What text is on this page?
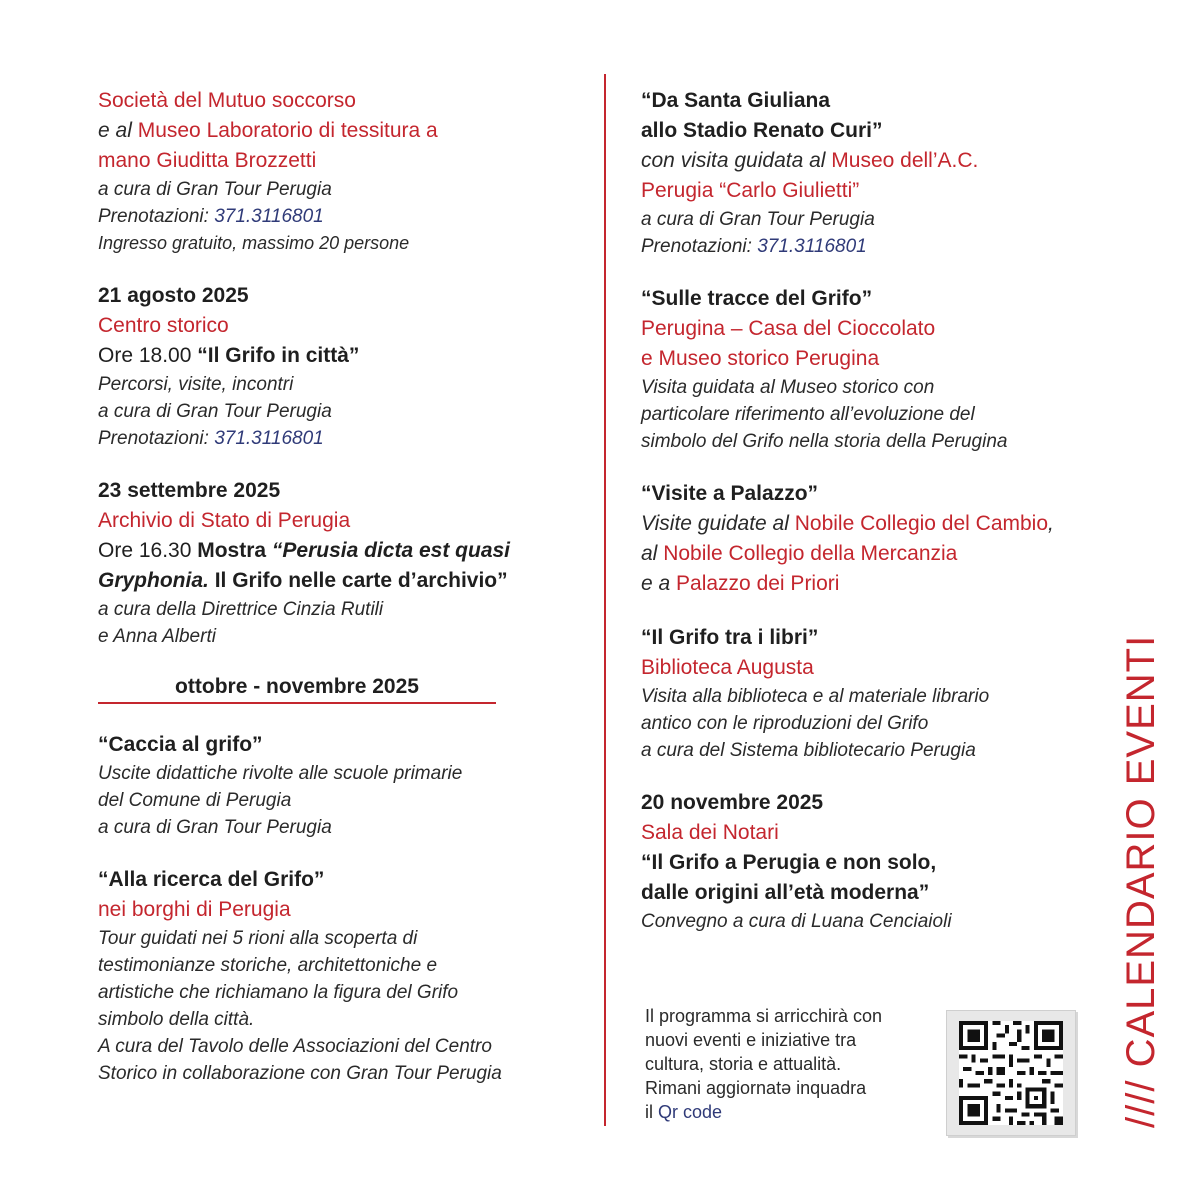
Società del Mutuo soccorso
e al Museo Laboratorio di tessitura a
mano Giuditta Brozzetti
a cura di Gran Tour Perugia
Prenotazioni: 371.3116801
Ingresso gratuito, massimo 20 persone
21 agosto 2025
Centro storico
Ore 18.00 “Il Grifo in città”
Percorsi, visite, incontri
a cura di Gran Tour Perugia
Prenotazioni: 371.3116801
23 settembre 2025
Archivio di Stato di Perugia
Ore 16.30 Mostra “Perusia dicta est quasi
Gryphonia. Il Grifo nelle carte d’archivio”
a cura della Direttrice Cinzia Rutili
e Anna Alberti
ottobre - novembre 2025
“Caccia al grifo”
Uscite didattiche rivolte alle scuole primarie
del Comune di Perugia
a cura di Gran Tour Perugia
“Alla ricerca del Grifo”
nei borghi di Perugia
Tour guidati nei 5 rioni alla scoperta di
testimonianze storiche, architettoniche e
artistiche che richiamano la figura del Grifo
simbolo della città.
A cura del Tavolo delle Associazioni del Centro
Storico in collaborazione con Gran Tour Perugia
“Da Santa Giuliana
allo Stadio Renato Curi”
con visita guidata al Museo dell’A.C.
Perugia “Carlo Giulietti”
a cura di Gran Tour Perugia
Prenotazioni: 371.3116801
“Sulle tracce del Grifo”
Perugina – Casa del Cioccolato
e Museo storico Perugina
Visita guidata al Museo storico con
particolare riferimento all’evoluzione del
simbolo del Grifo nella storia della Perugina
“Visite a Palazzo”
Visite guidate al Nobile Collegio del Cambio,
al Nobile Collegio della Mercanzia
e a Palazzo dei Priori
“Il Grifo tra i libri”
Biblioteca Augusta
Visita alla biblioteca e al materiale librario
antico con le riproduzioni del Grifo
a cura del Sistema bibliotecario Perugia
20 novembre 2025
Sala dei Notari
“Il Grifo a Perugia e non solo,
dalle origini all’età moderna”
Convegno a cura di Luana Cenciaioli
Il programma si arricchirà con
nuovi eventi e iniziative tra
cultura, storia e attualità.
Rimani aggiornatə inquadra
il Qr code	//// CALENDARIO EVENTI
